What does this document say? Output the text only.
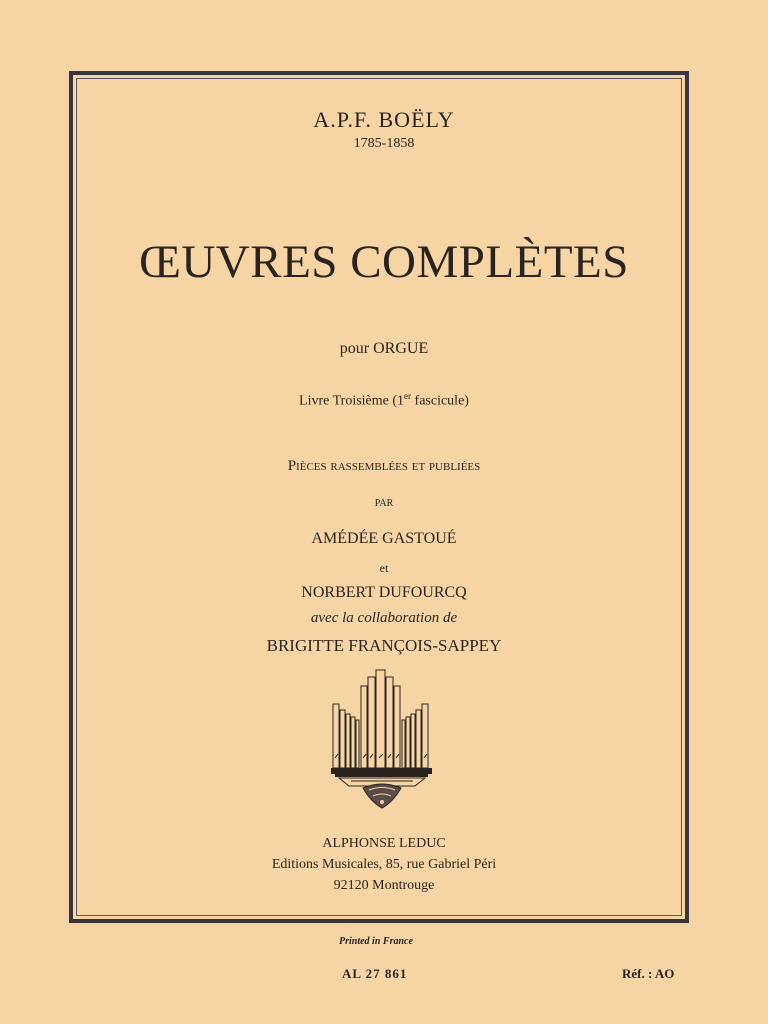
A.P.F. BOËLY
1785-1858
ŒUVRES COMPLÈTES
pour ORGUE
Livre Troisième (1er fascicule)
Pièces rassemblées et publiées
par
AMÉDÉE GASTOUÉ
et
NORBERT DUFOURCQ
avec la collaboration de
BRIGITTE FRANÇOIS-SAPPEY
ALPHONSE LEDUC
Editions Musicales, 85, rue Gabriel Péri
92120 Montrouge
Printed in France
AL 27 861	Réf. : AO
